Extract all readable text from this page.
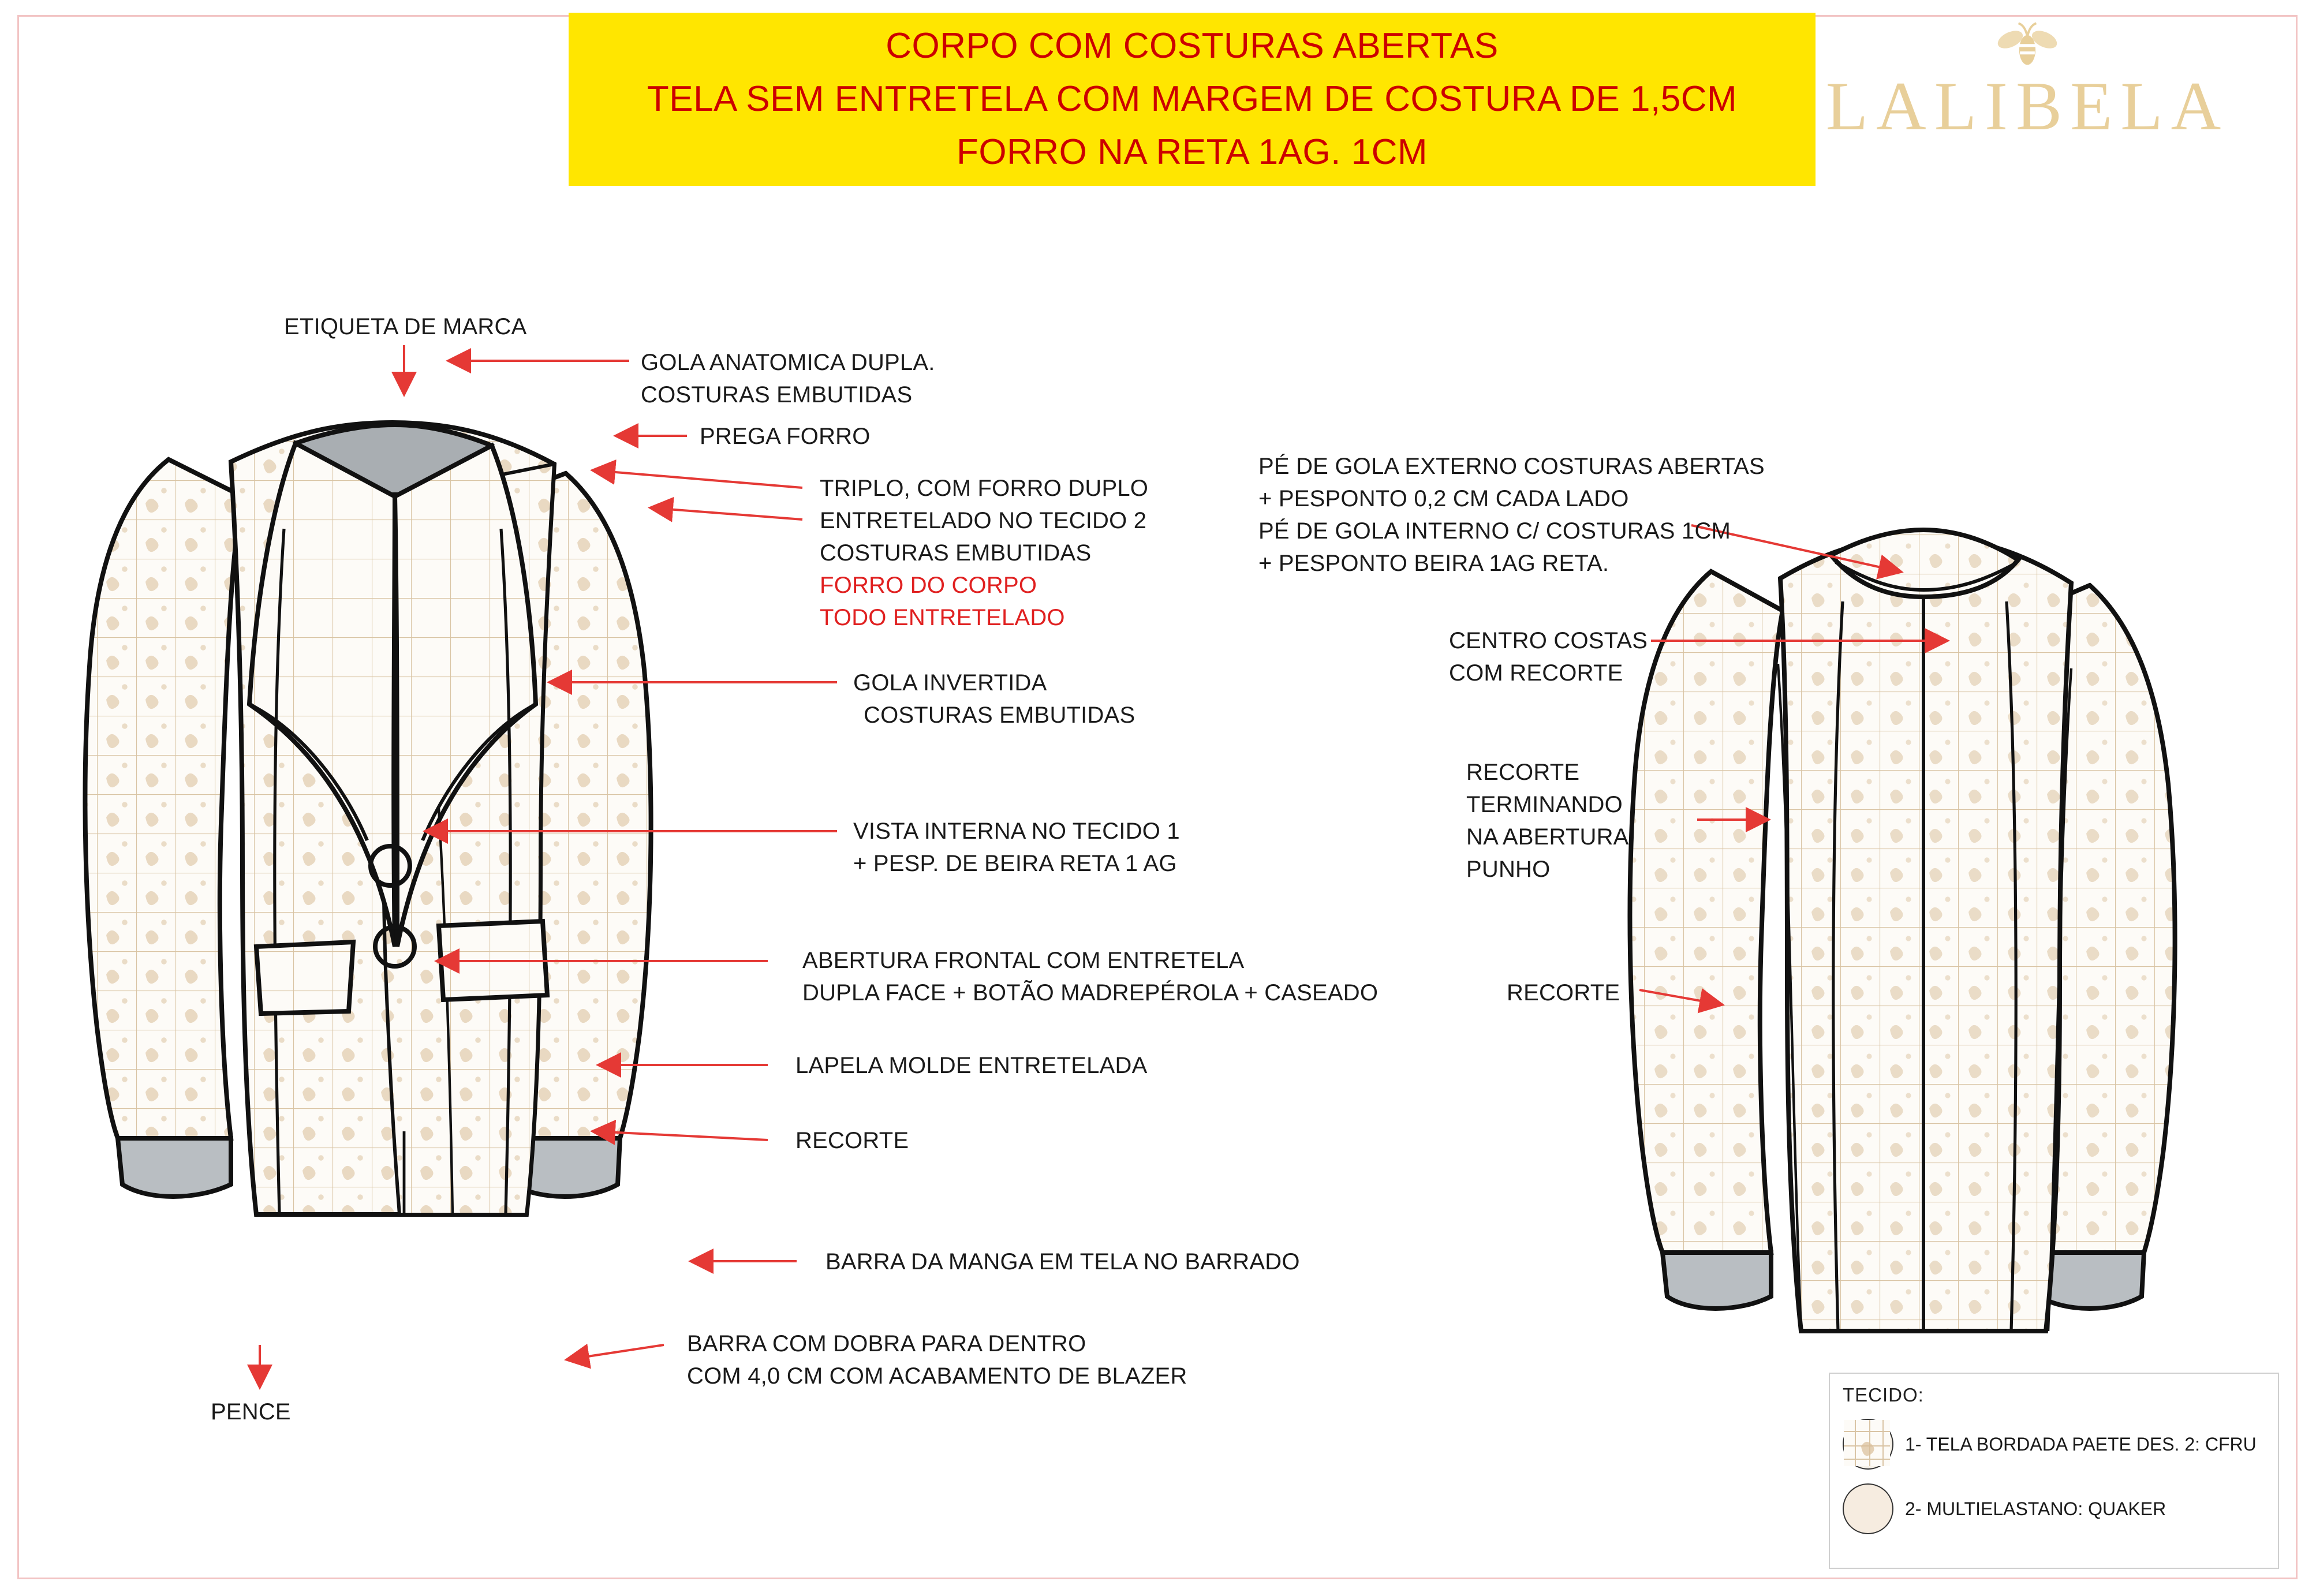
CORPO COM COSTURAS ABERTAS
TELA SEM ENTRETELA COM MARGEM DE COSTURA DE 1,5CM
FORRO NA RETA 1AG. 1CM
LALIBELA
ETIQUETA DE MARCA
GOLA ANATOMICA DUPLA.
COSTURAS EMBUTIDAS
PREGA FORRO
TRIPLO, COM FORRO DUPLO
ENTRETELADO NO TECIDO 2
COSTURAS EMBUTIDAS
FORRO DO CORPO
TODO ENTRETELADO
GOLA INVERTIDA
COSTURAS EMBUTIDAS
VISTA INTERNA NO TECIDO 1
+ PESP. DE BEIRA RETA 1 AG
ABERTURA FRONTAL COM ENTRETELA
DUPLA FACE + BOTÃO MADREPÉROLA + CASEADO
LAPELA MOLDE ENTRETELADA
RECORTE
BARRA DA MANGA EM TELA NO BARRADO
BARRA COM DOBRA PARA DENTRO
COM 4,0 CM COM ACABAMENTO DE BLAZER
PENCE
PÉ DE GOLA EXTERNO COSTURAS ABERTAS
+ PESPONTO 0,2 CM CADA LADO
PÉ DE GOLA INTERNO C/ COSTURAS 1CM
+ PESPONTO BEIRA 1AG RETA.
CENTRO COSTAS
COM RECORTE
RECORTE
TERMINANDO
NA ABERTURA
PUNHO
RECORTE
TECIDO:
1- TELA BORDADA PAETE DES. 2: CFRU
2- MULTIELASTANO: QUAKER
